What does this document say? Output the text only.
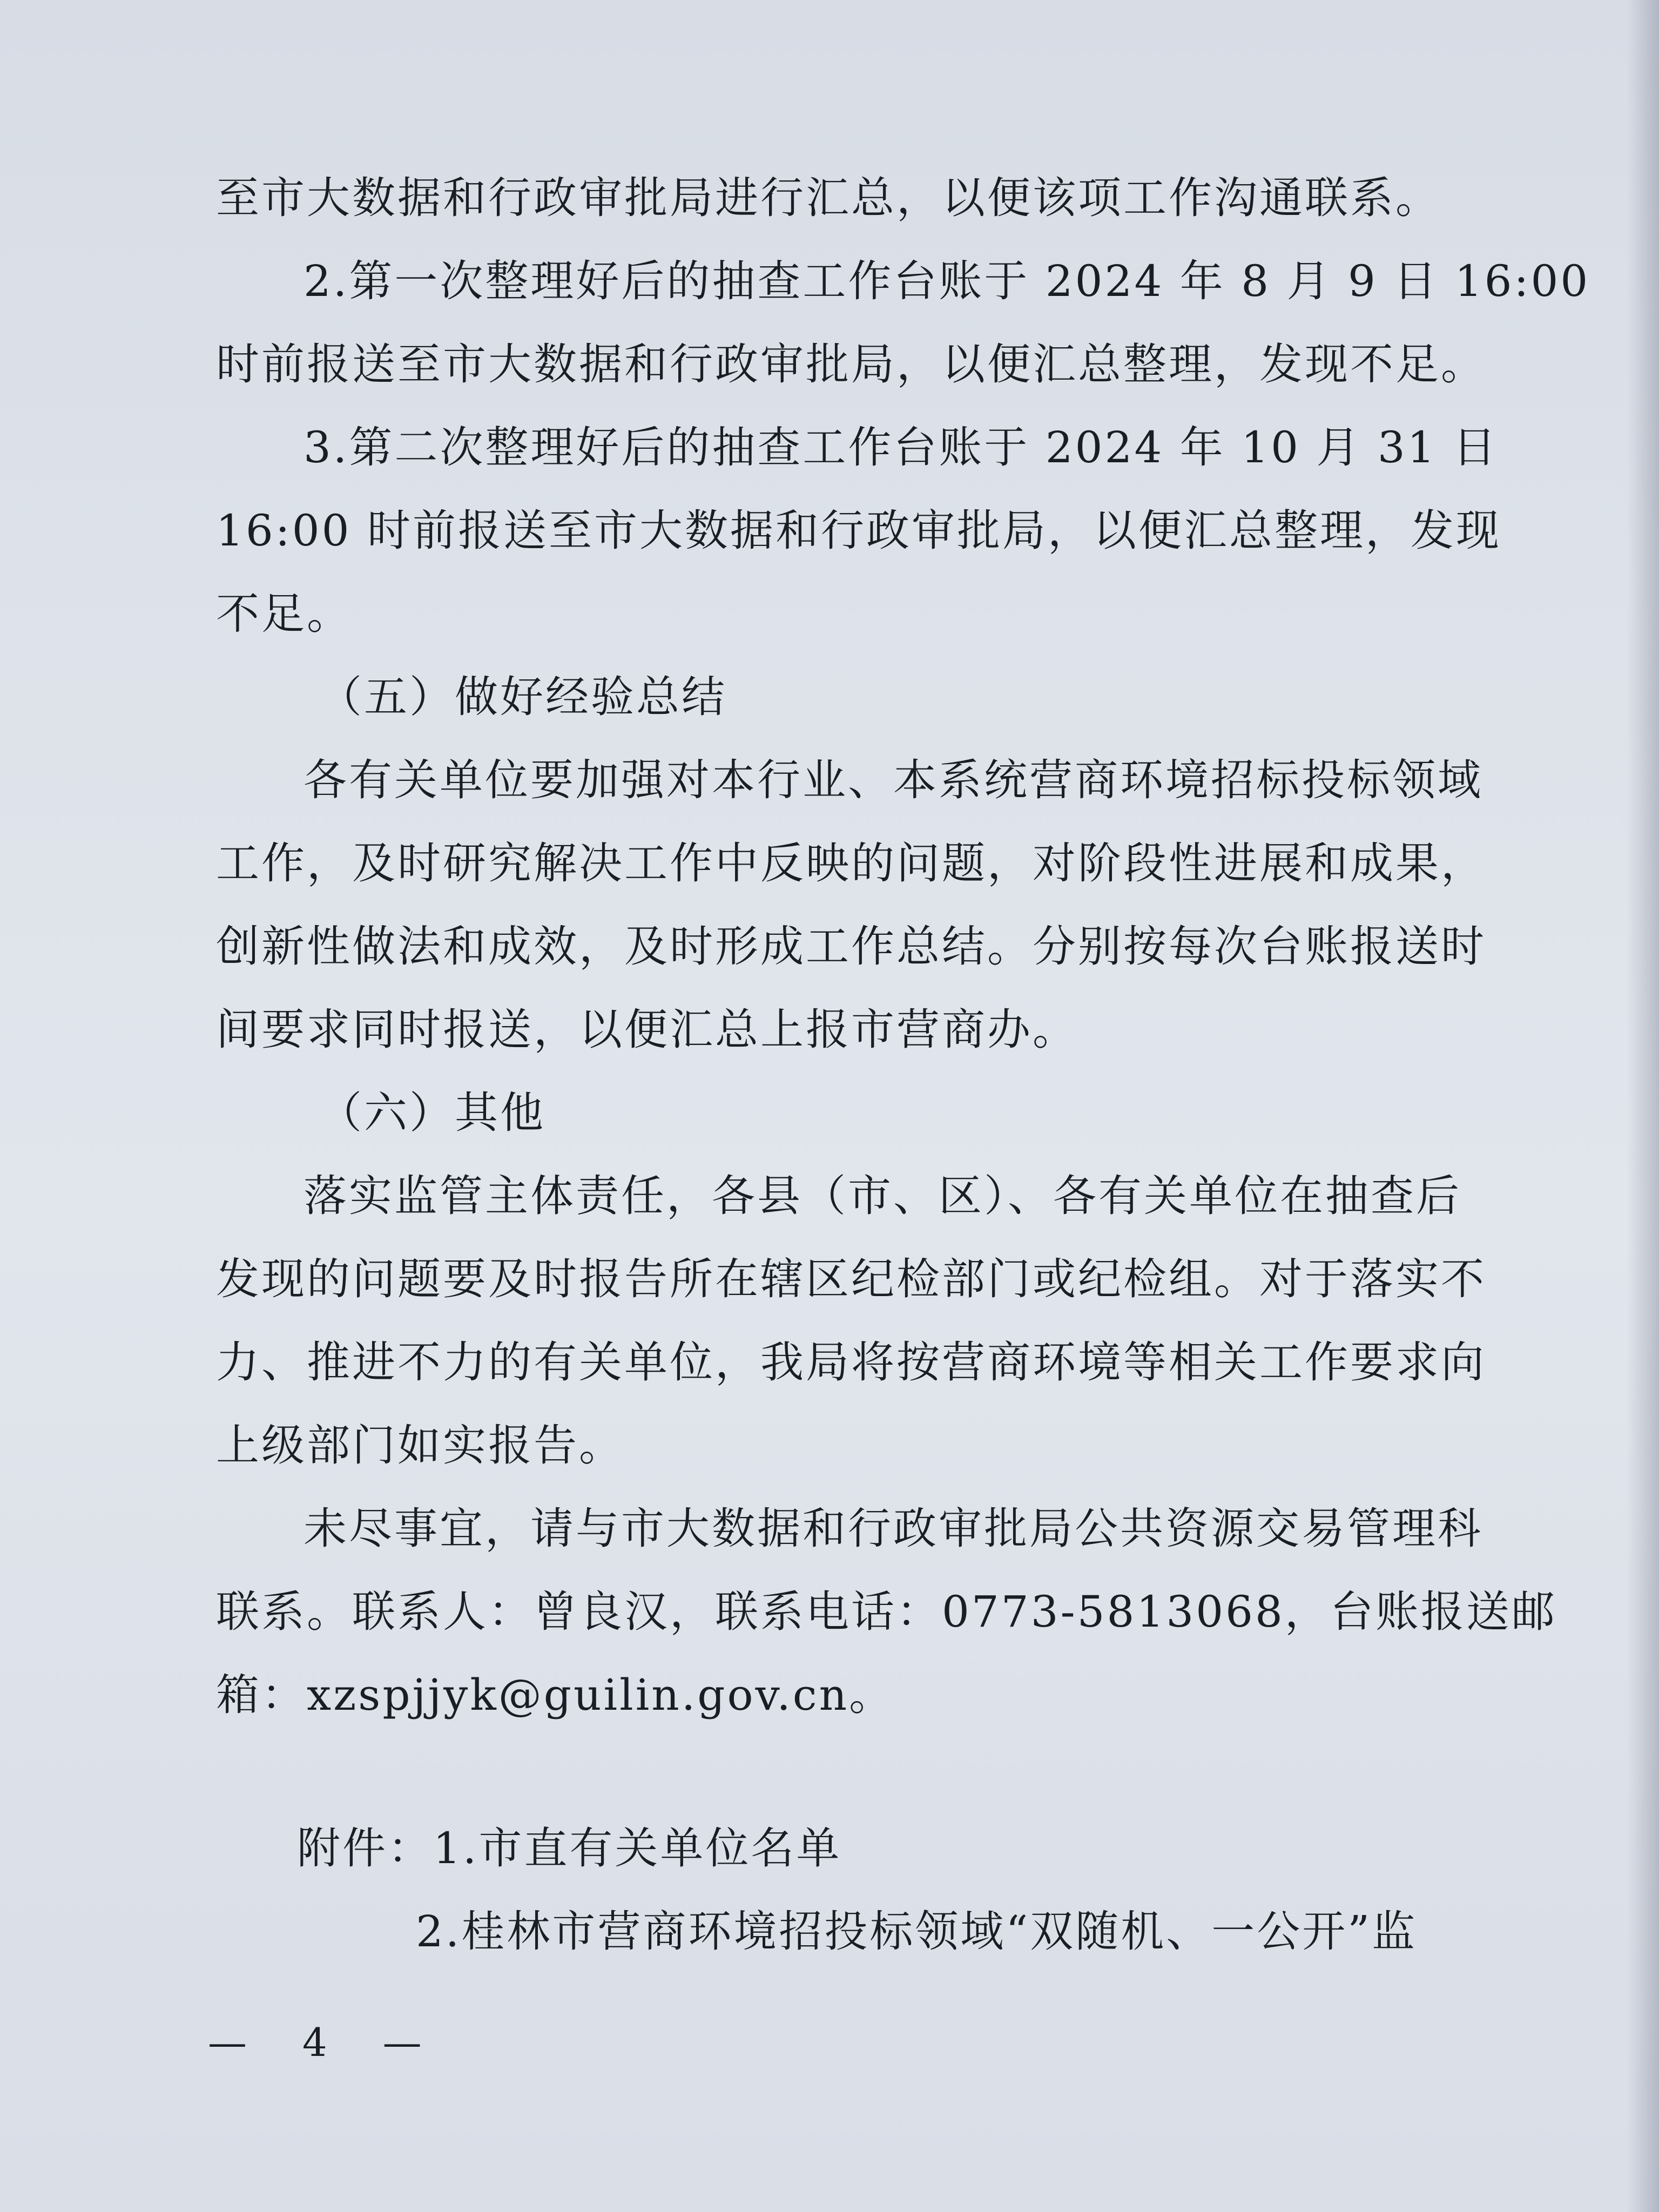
至市大数据和行政审批局进行汇总，以便该项工作沟通联系。
2.第一次整理好后的抽查工作台账于 2024 年 8 月 9 日 16:00
时前报送至市大数据和行政审批局，以便汇总整理，发现不足。
3.第二次整理好后的抽查工作台账于 2024 年 10 月 31 日
16:00 时前报送至市大数据和行政审批局，以便汇总整理，发现
不足。
（五）做好经验总结
各有关单位要加强对本行业、本系统营商环境招标投标领域
工作，及时研究解决工作中反映的问题，对阶段性进展和成果，
创新性做法和成效，及时形成工作总结。分别按每次台账报送时
间要求同时报送，以便汇总上报市营商办。
（六）其他
落实监管主体责任，各县（市、区）、各有关单位在抽查后
发现的问题要及时报告所在辖区纪检部门或纪检组。对于落实不
力、推进不力的有关单位，我局将按营商环境等相关工作要求向
上级部门如实报告。
未尽事宜，请与市大数据和行政审批局公共资源交易管理科
联系。联系人：曾良汉，联系电话：0773-5813068，台账报送邮
箱：xzspjjyk@guilin.gov.cn。
附件：1.市直有关单位名单
2.桂林市营商环境招投标领域“双随机、一公开”监
— 4 —
